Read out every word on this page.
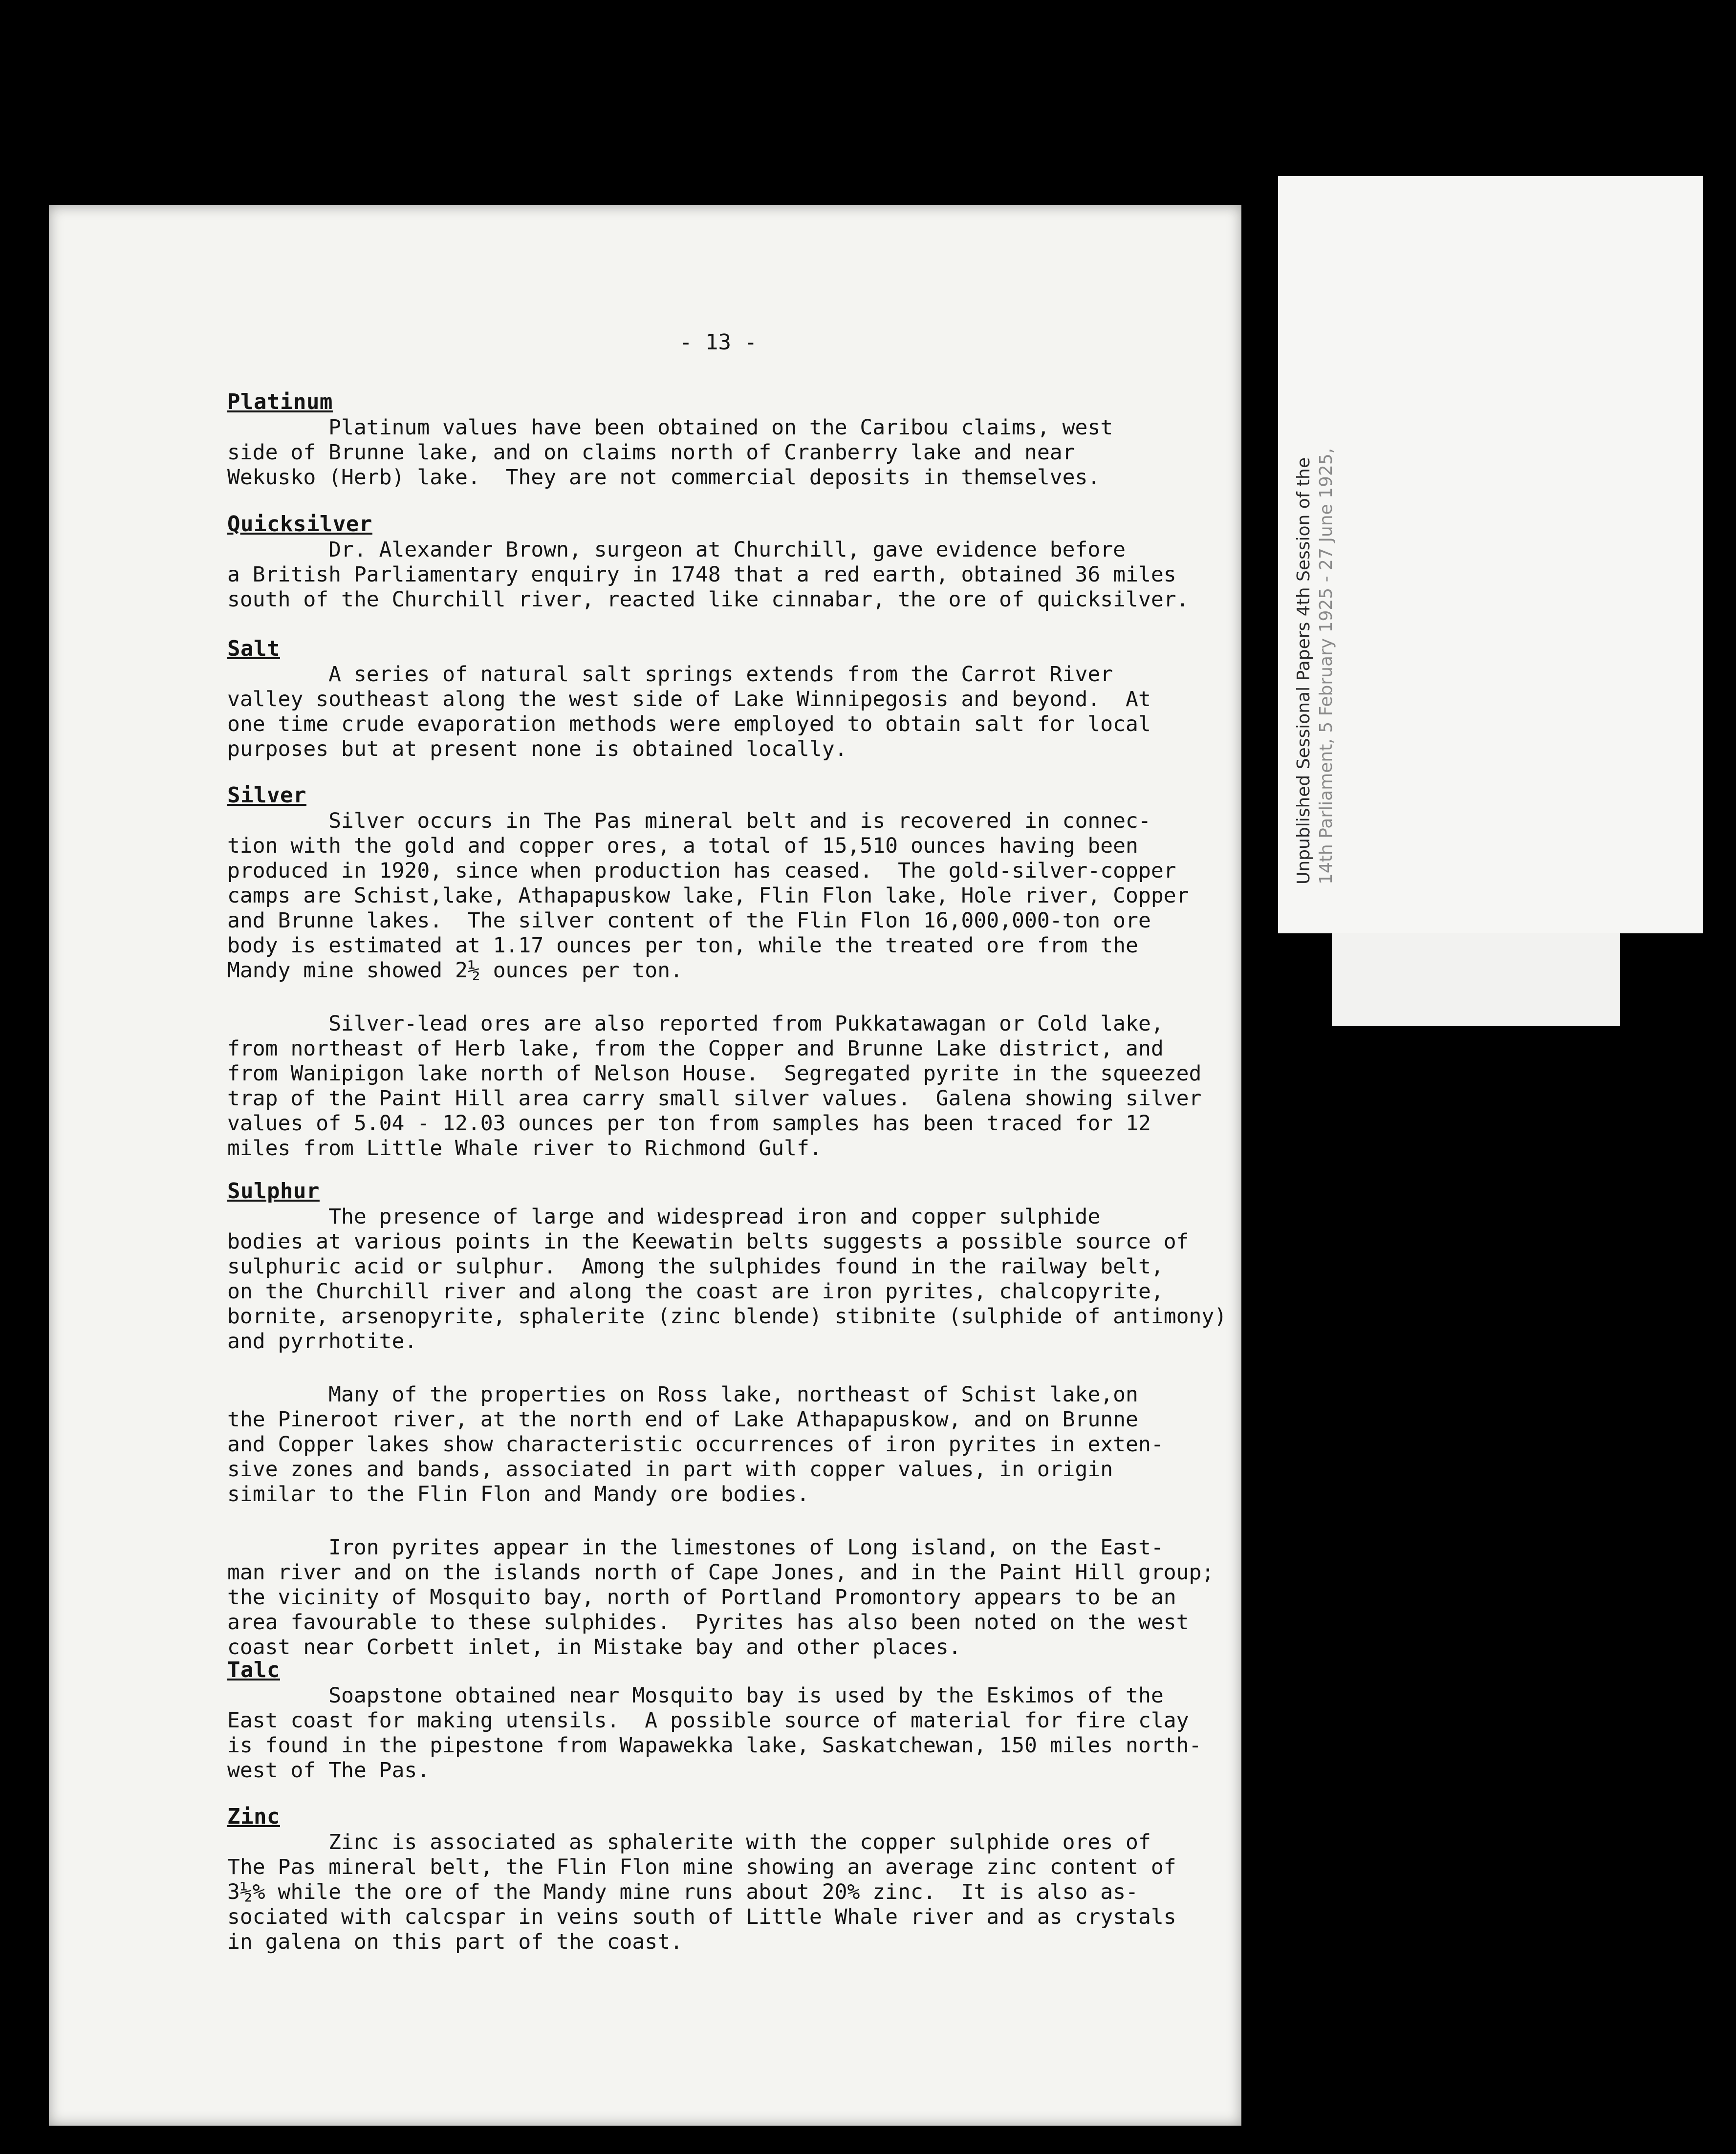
- 13 -
Platinum
Platinum values have been obtained on the Caribou claims, west
side of Brunne lake, and on claims north of Cranberry lake and near
Wekusko (Herb) lake.  They are not commercial deposits in themselves.
Quicksilver
Dr. Alexander Brown, surgeon at Churchill, gave evidence before
a British Parliamentary enquiry in 1748 that a red earth, obtained 36 miles
south of the Churchill river, reacted like cinnabar, the ore of quicksilver.
Salt
A series of natural salt springs extends from the Carrot River
valley southeast along the west side of Lake Winnipegosis and beyond.  At
one time crude evaporation methods were employed to obtain salt for local
purposes but at present none is obtained locally.
Silver
Silver occurs in The Pas mineral belt and is recovered in connec-
tion with the gold and copper ores, a total of 15,510 ounces having been
produced in 1920, since when production has ceased.  The gold-silver-copper
camps are Schist,lake, Athapapuskow lake, Flin Flon lake, Hole river, Copper
and Brunne lakes.  The silver content of the Flin Flon 16,000,000-ton ore
body is estimated at 1.17 ounces per ton, while the treated ore from the
Mandy mine showed 2½ ounces per ton.
Silver-lead ores are also reported from Pukkatawagan or Cold lake,
from northeast of Herb lake, from the Copper and Brunne Lake district, and
from Wanipigon lake north of Nelson House.  Segregated pyrite in the squeezed
trap of the Paint Hill area carry small silver values.  Galena showing silver
values of 5.04 - 12.03 ounces per ton from samples has been traced for 12
miles from Little Whale river to Richmond Gulf.
Sulphur
The presence of large and widespread iron and copper sulphide
bodies at various points in the Keewatin belts suggests a possible source of
sulphuric acid or sulphur.  Among the sulphides found in the railway belt,
on the Churchill river and along the coast are iron pyrites, chalcopyrite,
bornite, arsenopyrite, sphalerite (zinc blende) stibnite (sulphide of antimony)
and pyrrhotite.
Many of the properties on Ross lake, northeast of Schist lake,on
the Pineroot river, at the north end of Lake Athapapuskow, and on Brunne
and Copper lakes show characteristic occurrences of iron pyrites in exten-
sive zones and bands, associated in part with copper values, in origin
similar to the Flin Flon and Mandy ore bodies.
Iron pyrites appear in the limestones of Long island, on the East-
man river and on the islands north of Cape Jones, and in the Paint Hill group;
the vicinity of Mosquito bay, north of Portland Promontory appears to be an
area favourable to these sulphides.  Pyrites has also been noted on the west
coast near Corbett inlet, in Mistake bay and other places.
Talc
Soapstone obtained near Mosquito bay is used by the Eskimos of the
East coast for making utensils.  A possible source of material for fire clay
is found in the pipestone from Wapawekka lake, Saskatchewan, 150 miles north-
west of The Pas.
Zinc
Zinc is associated as sphalerite with the copper sulphide ores of
The Pas mineral belt, the Flin Flon mine showing an average zinc content of
3½% while the ore of the Mandy mine runs about 20% zinc.  It is also as-
sociated with calcspar in veins south of Little Whale river and as crystals
in galena on this part of the coast.
Unpublished Sessional Papers 4th Session of the 14th Parliament, 5 February 1925 - 27 June 1925,
